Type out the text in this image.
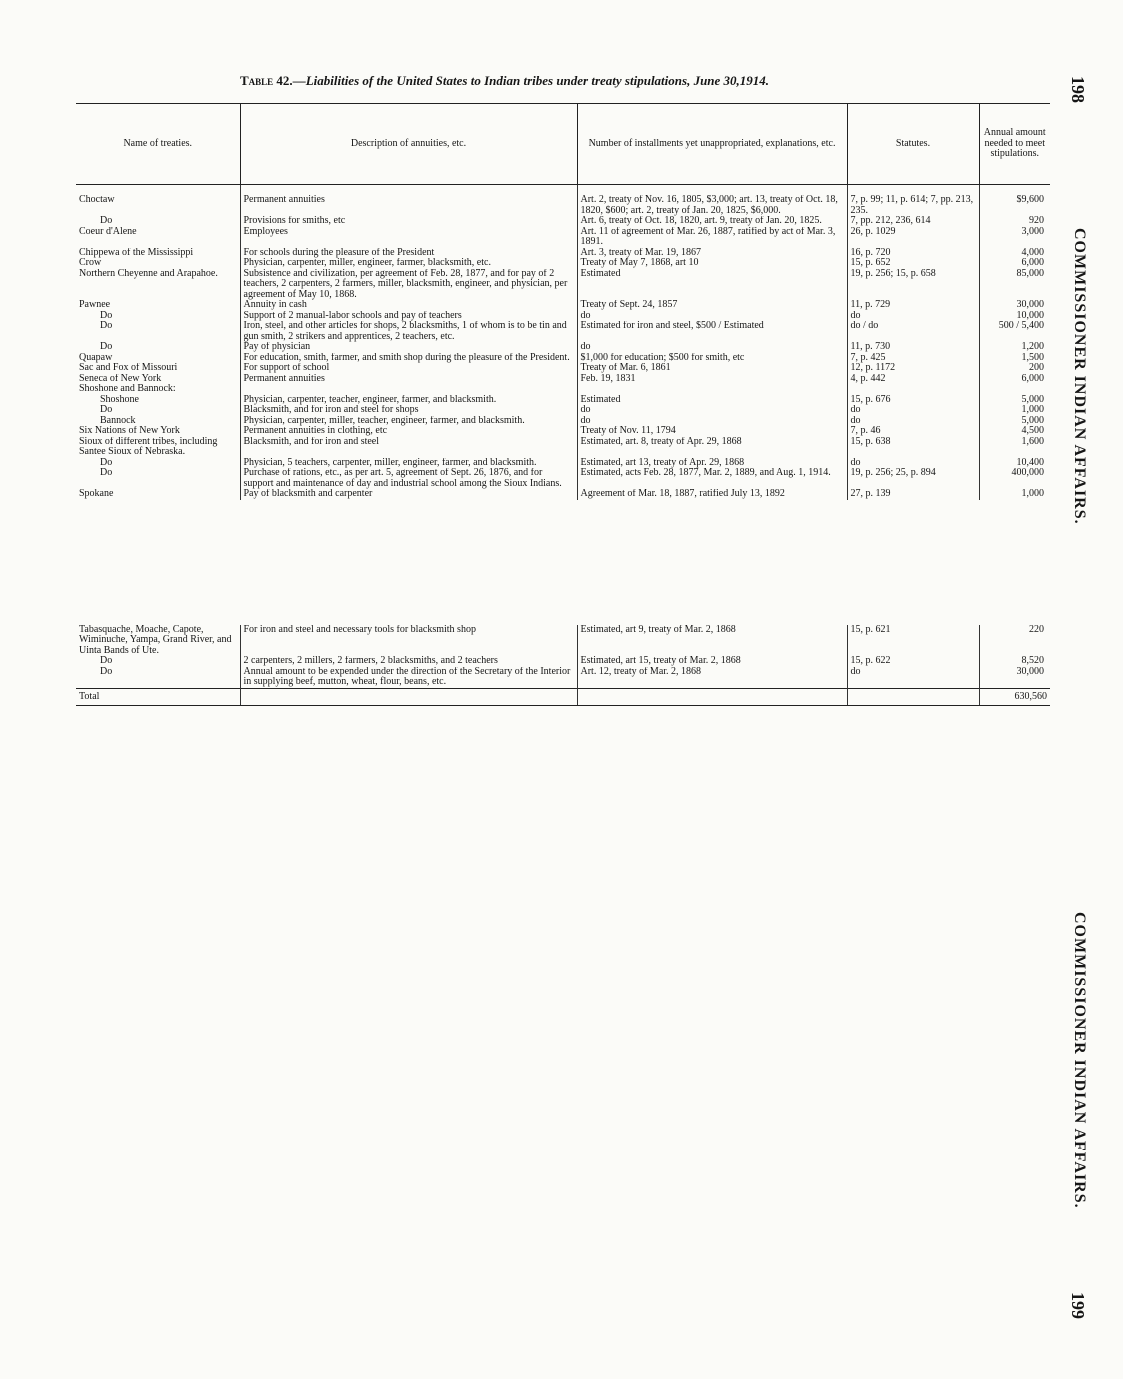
Table 42.—Liabilities of the United States to Indian tribes under treaty stipulations, June 30,1914.	198
COMMISSIONER INDIAN AFFAIRS.
COMMISSIONER INDIAN AFFAIRS.
199
Name of treaties.	Description of annuities, etc.	Number of installments yet unappropriated, explanations, etc.	Statutes.	Annual amount needed to meet stipulations.

Choctaw	Permanent annuities	Art. 2, treaty of Nov. 16, 1805, $3,000; art. 13, treaty of Oct. 18, 1820, $600; art. 2, treaty of Jan. 20, 1825, $6,000.	7, p. 99; 11, p. 614; 7, pp. 213, 235.	$9,600
Do	Provisions for smiths, etc	Art. 6, treaty of Oct. 18, 1820, art. 9, treaty of Jan. 20, 1825.	7, pp. 212, 236, 614	920
Coeur d'Alene	Employees	Art. 11 of agreement of Mar. 26, 1887, ratified by act of Mar. 3, 1891.	26, p. 1029	3,000
Chippewa of the Mississippi	For schools during the pleasure of the President	Art. 3, treaty of Mar. 19, 1867	16, p. 720	4,000
Crow	Physician, carpenter, miller, engineer, farmer, blacksmith, etc.	Treaty of May 7, 1868, art 10	15, p. 652	6,000
Northern Cheyenne and Arapahoe.	Subsistence and civilization, per agreement of Feb. 28, 1877, and for pay of 2 teachers, 2 carpenters, 2 farmers, miller, blacksmith, engineer, and physician, per agreement of May 10, 1868.	Estimated	19, p. 256; 15, p. 658	85,000
Pawnee	Annuity in cash	Treaty of Sept. 24, 1857	11, p. 729	30,000
Do	Support of 2 manual-labor schools and pay of teachers	do	do	10,000
Do	Iron, steel, and other articles for shops, 2 blacksmiths, 1 of whom is to be tin and gun smith, 2 strikers and apprentices, 2 teachers, etc.	Estimated for iron and steel, $500 / Estimated	do / do	500 / 5,400
Do	Pay of physician	do	11, p. 730	1,200
Quapaw	For education, smith, farmer, and smith shop during the pleasure of the President.	$1,000 for education; $500 for smith, etc	7, p. 425	1,500
Sac and Fox of Missouri	For support of school	Treaty of Mar. 6, 1861	12, p. 1172	200
Seneca of New York	Permanent annuities	Feb. 19, 1831	4, p. 442	6,000
Shoshone and Bannock:				
Shoshone	Physician, carpenter, teacher, engineer, farmer, and blacksmith.	Estimated	15, p. 676	5,000
Do	Blacksmith, and for iron and steel for shops	do	do	1,000
Bannock	Physician, carpenter, miller, teacher, engineer, farmer, and blacksmith.	do	do	5,000
Six Nations of New York	Permanent annuities in clothing, etc	Treaty of Nov. 11, 1794	7, p. 46	4,500
Sioux of different tribes, including Santee Sioux of Nebraska.	Blacksmith, and for iron and steel	Estimated, art. 8, treaty of Apr. 29, 1868	15, p. 638	1,600
Do	Physician, 5 teachers, carpenter, miller, engineer, farmer, and blacksmith.	Estimated, art 13, treaty of Apr. 29, 1868	do	10,400
Do	Purchase of rations, etc., as per art. 5, agreement of Sept. 26, 1876, and for support and maintenance of day and industrial school among the Sioux Indians.	Estimated, acts Feb. 28, 1877, Mar. 2, 1889, and Aug. 1, 1914.	19, p. 256; 25, p. 894	400,000
Spokane	Pay of blacksmith and carpenter	Agreement of Mar. 18, 1887, ratified July 13, 1892	27, p. 139	1,000

Tabasquache, Moache, Capote, Wiminuche, Yampa, Grand River, and Uinta Bands of Ute.	For iron and steel and necessary tools for blacksmith shop	Estimated, art 9, treaty of Mar. 2, 1868	15, p. 621	220
Do	2 carpenters, 2 millers, 2 farmers, 2 blacksmiths, and 2 teachers	Estimated, art 15, treaty of Mar. 2, 1868	15, p. 622	8,520
Do	Annual amount to be expended under the direction of the Secretary of the Interior in supplying beef, mutton, wheat, flour, beans, etc.	Art. 12, treaty of Mar. 2, 1868	do	30,000
Total				630,560
